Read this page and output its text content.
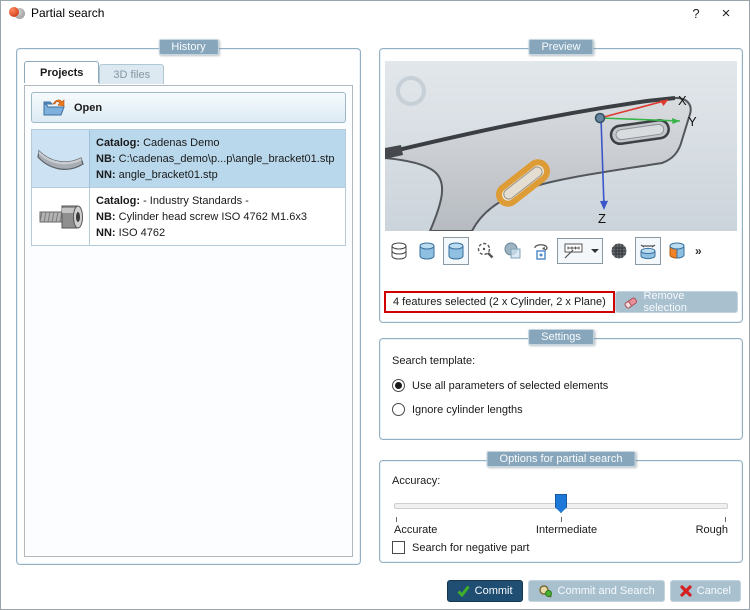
Partial search	?	×
History
Projects	3D files
Open
Catalog: Cadenas Demo
NB: C:\cadenas_demo\p...p\angle_bracket01.stp
NN: angle_bracket01.stp
Catalog: - Industry Standards -
NB: Cylinder head screw ISO 4762 M1.6x3
NN: ISO 4762
Preview
X
Y
Z
»
4 features selected (2 x Cylinder, 2 x Plane)	Remove selection
Settings
Search template:
Use all parameters of selected elements
Ignore cylinder lengths
Options for partial search
Accuracy:
Accurate	Intermediate	Rough
Search for negative part
Commit	Commit and Search	Cancel
